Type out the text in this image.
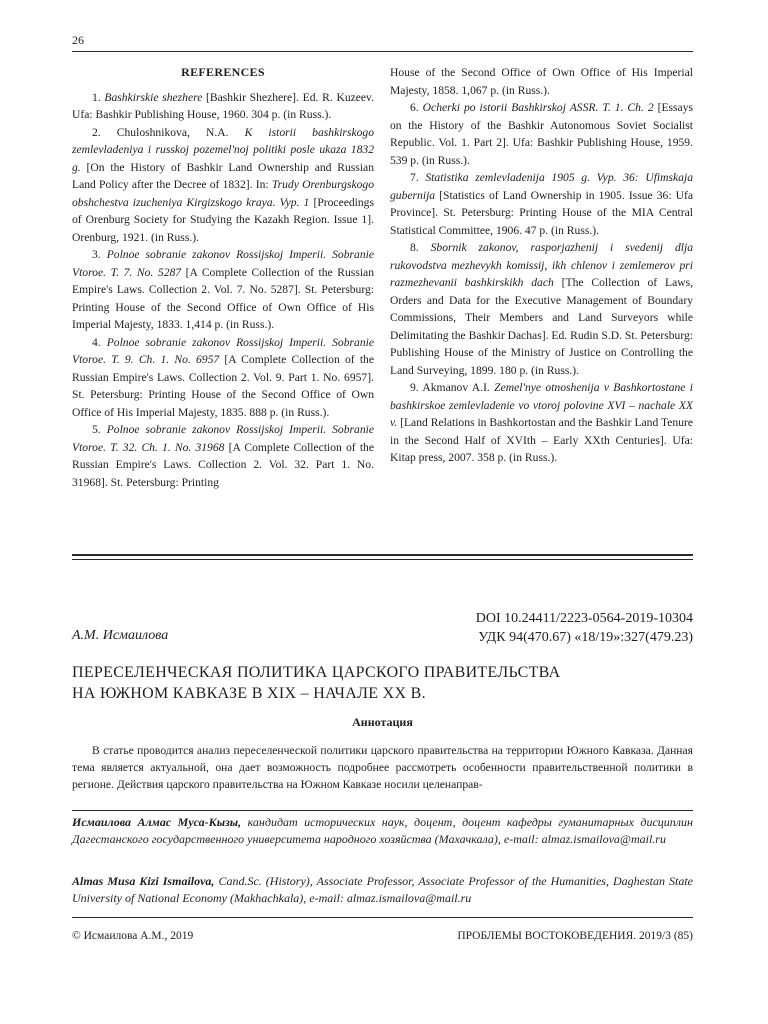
26
REFERENCES

1. Bashkirskie shezhere [Bashkir Shezhere]. Ed. R. Kuzeev. Ufa: Bashkir Publishing House, 1960. 304 p. (in Russ.).

2. Chuloshnikova, N.A. K istorii bashkirskogo zemlevladeniya i russkoj pozemel'noj politiki posle ukaza 1832 g. [On the History of Bashkir Land Ownership and Russian Land Policy after the Decree of 1832]. In: Trudy Orenburgskogo obshchestva izucheniya Kirgizskogo kraya. Vyp. 1 [Proceedings of Orenburg Society for Studying the Kazakh Region. Issue 1]. Orenburg, 1921. (in Russ.).

3. Polnoe sobranie zakonov Rossijskoj Imperii. Sobranie Vtoroe. T. 7. No. 5287 [A Complete Collection of the Russian Empire's Laws. Collection 2. Vol. 7. No. 5287]. St. Petersburg: Printing House of the Second Office of Own Office of His Imperial Majesty, 1833. 1,414 p. (in Russ.).

4. Polnoe sobranie zakonov Rossijskoj Imperii. Sobranie Vtoroe. T. 9. Ch. 1. No. 6957 [A Complete Collection of the Russian Empire's Laws. Collection 2. Vol. 9. Part 1. No. 6957]. St. Petersburg: Printing House of the Second Office of Own Office of His Imperial Majesty, 1835. 888 p. (in Russ.).

5. Polnoe sobranie zakonov Rossijskoj Imperii. Sobranie Vtoroe. T. 32. Ch. 1. No. 31968 [A Complete Collection of the Russian Empire's Laws. Collection 2. Vol. 32. Part 1. No. 31968]. St. Petersburg: Printing

House of the Second Office of Own Office of His Imperial Majesty, 1858. 1,067 p. (in Russ.).

6. Ocherki po istorii Bashkirskoj ASSR. T. 1. Ch. 2 [Essays on the History of the Bashkir Autonomous Soviet Socialist Republic. Vol. 1. Part 2]. Ufa: Bashkir Publishing House, 1959. 539 p. (in Russ.).

7. Statistika zemlevladenija 1905 g. Vyp. 36: Ufimskaja gubernija [Statistics of Land Ownership in 1905. Issue 36: Ufa Province]. St. Petersburg: Printing House of the MIA Central Statistical Committee, 1906. 47 p. (in Russ.).

8. Sbornik zakonov, rasporjazhenij i svedenij dlja rukovodstva mezhevykh komissij, ikh chlenov i zemlemerov pri razmezhevanii bashkirskikh dach [The Collection of Laws, Orders and Data for the Executive Management of Boundary Commissions, Their Members and Land Surveyors while Delimitating the Bashkir Dachas]. Ed. Rudin S.D. St. Petersburg: Publishing House of the Ministry of Justice on Controlling the Land Surveying, 1899. 180 p. (in Russ.).

9. Akmanov A.I. Zemel'nye otnoshenija v Bashkortostane i bashkirskoe zemlevladenie vo vtoroj polovine XVI – nachale XX v. [Land Relations in Bashkortostan and the Bashkir Land Tenure in the Second Half of XVIth – Early XXth Centuries]. Ufa: Kitap press, 2007. 358 p. (in Russ.).

DOI 10.24411/2223-0564-2019-10304
УДК 94(470.67) «18/19»:327(479.23)
А.М. Исмаилова
ПЕРЕСЕЛЕНЧЕСКАЯ ПОЛИТИКА ЦАРСКОГО ПРАВИТЕЛЬСТВА
НА ЮЖНОМ КАВКАЗЕ В XIX – НАЧАЛЕ XX В.
Аннотация
В статье проводится анализ переселенческой политики царского правительства на территории Южного Кавказа. Данная тема является актуальной, она дает возможность подробнее рассмотреть особенности правительственной политики в регионе. Действия царского правительства на Южном Кавказе носили целенаправ-
Исмаилова Алмас Муса-Кызы, кандидат исторических наук, доцент, доцент кафедры гуманитарных дисциплин Дагестанского государственного университета народного хозяйства (Махачкала), e-mail: almaz.ismailova@mail.ru
Almas Musa Kizi Ismailova, Cand.Sc. (History), Associate Professor, Associate Professor of the Humanities, Daghestan State University of National Economy (Makhachkala), e-mail: almaz.ismailova@mail.ru
© Исмаилова А.М., 2019	ПРОБЛЕМЫ ВОСТОКОВЕДЕНИЯ. 2019/3 (85)
